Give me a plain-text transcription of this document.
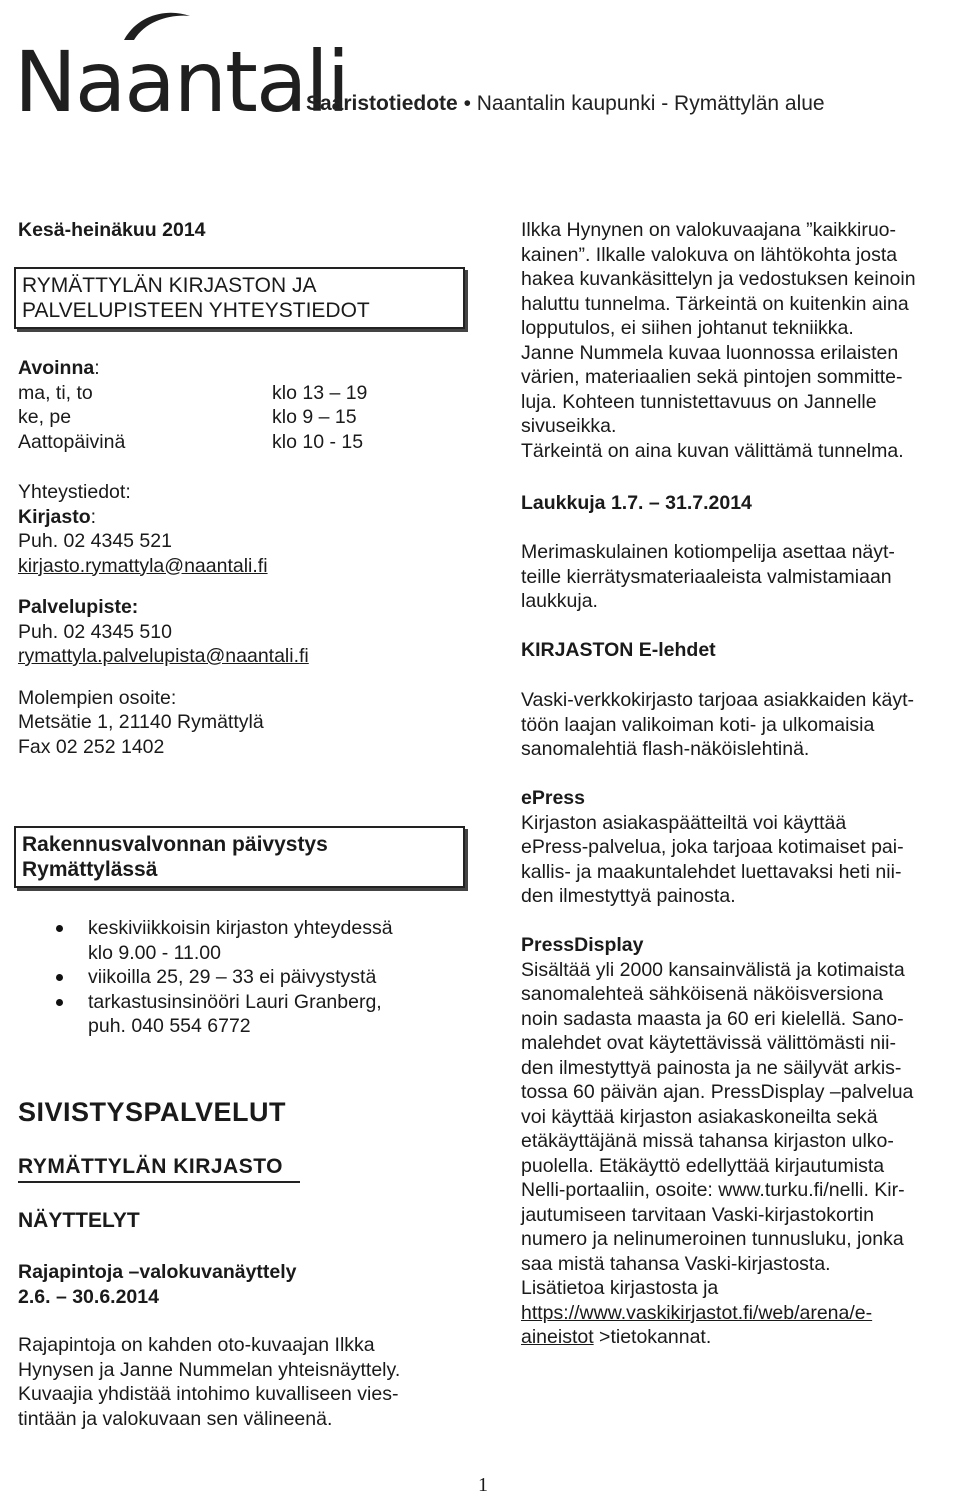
Naantali
Saaristotiedote • Naantalin kaupunki - Rymättylän alue
Kesä-heinäkuu 2014
RYMÄTTYLÄN KIRJASTON JA
PALVELUPISTEEN YHTEYSTIEDOT
Avoinna:
ma, ti, to	klo 13 – 19
ke, pe	klo 9 – 15
Aattopäivinä	klo 10 - 15
Yhteystiedot:
Kirjasto:
Puh. 02 4345 521
kirjasto.rymattyla@naantali.fi
Palvelupiste:
Puh. 02 4345 510
rymattyla.palvelupista@naantali.fi
Molempien osoite:
Metsätie 1, 21140 Rymättylä
Fax 02 252 1402
Rakennusvalvonnan päivystys
Rymättylässä
keskiviikkoisin kirjaston yhteydessä
klo 9.00 - 11.00
viikoilla 25, 29 – 33 ei päivystystä
tarkastusinsinööri Lauri Granberg,
puh. 040 554 6772
SIVISTYSPALVELUT
RYMÄTTYLÄN KIRJASTO
NÄYTTELYT
Rajapintoja –valokuvanäyttely
2.6. – 30.6.2014
Rajapintoja on kahden oto-kuvaajan Ilkka
Hynysen ja Janne Nummelan yhteisnäyttely.
Kuvaajia yhdistää intohimo kuvalliseen vies-
tintään ja valokuvaan sen välineenä.
Ilkka Hynynen on valokuvaajana ”kaikkiruo-
kainen”. Ilkalle valokuva on lähtökohta josta
hakea kuvankäsittelyn ja vedostuksen keinoin
haluttu tunnelma. Tärkeintä on kuitenkin aina
lopputulos, ei siihen johtanut tekniikka.
Janne Nummela kuvaa luonnossa erilaisten
värien, materiaalien sekä pintojen sommitte-
luja. Kohteen tunnistettavuus on Jannelle
sivuseikka.
Tärkeintä on aina kuvan välittämä tunnelma.
Laukkuja 1.7. – 31.7.2014
Merimaskulainen kotiompelija asettaa näyt-
teille kierrätysmateriaaleista valmistamiaan
laukkuja.
KIRJASTON E-lehdet
Vaski-verkkokirjasto tarjoaa asiakkaiden käyt-
töön laajan valikoiman koti- ja ulkomaisia
sanomalehtiä flash-näköislehtinä.
ePress
Kirjaston asiakaspäätteiltä voi käyttää
ePress-palvelua, joka tarjoaa kotimaiset pai-
kallis- ja maakuntalehdet luettavaksi heti nii-
den ilmestyttyä painosta.
PressDisplay
Sisältää yli 2000 kansainvälistä ja kotimaista
sanomalehteä sähköisenä näköisversiona
noin sadasta maasta ja 60 eri kielellä. Sano-
malehdet ovat käytettävissä välittömästi nii-
den ilmestyttyä painosta ja ne säilyvät arkis-
tossa 60 päivän ajan. PressDisplay –palvelua
voi käyttää kirjaston asiakaskoneilta sekä
etäkäyttäjänä missä tahansa kirjaston ulko-
puolella. Etäkäyttö edellyttää kirjautumista
Nelli-portaaliin, osoite: www.turku.fi/nelli. Kir-
jautumiseen tarvitaan Vaski-kirjastokortin
numero ja nelinumeroinen tunnusluku, jonka
saa mistä tahansa Vaski-kirjastosta.
Lisätietoa kirjastosta ja
https://www.vaskikirjastot.fi/web/arena/e-
aineistot >tietokannat.
1
